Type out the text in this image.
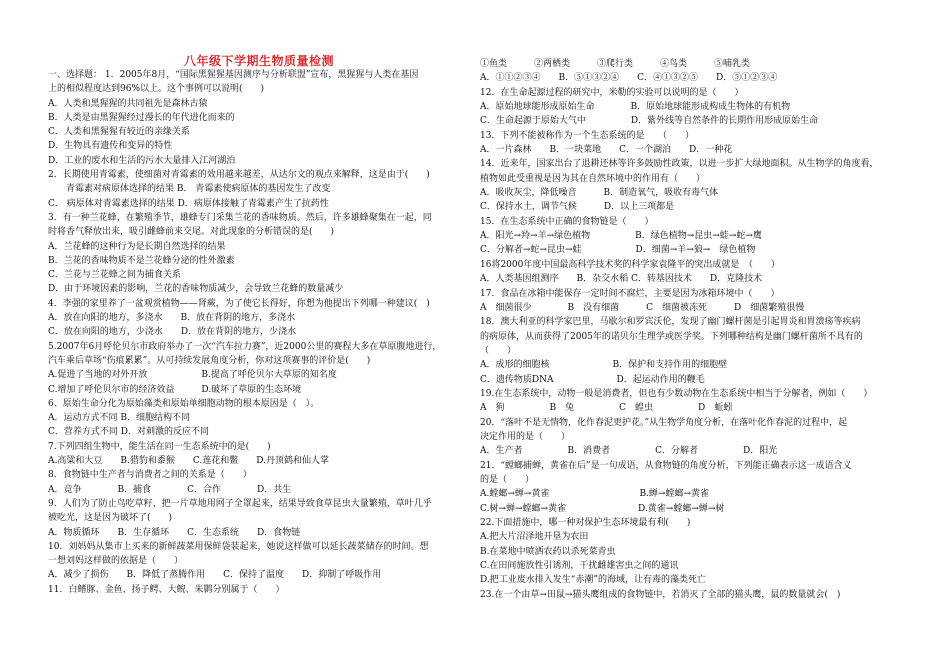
八年级下学期生物质量检测
一、选择题： 1．2005年8月，“国际黑猩猩基因测序与分析联盟”宣布，黑猩猩与人类在基因
上的相似程度达到96%以上。这个事例可以说明(　　)
A．人类和黑猩猩的共同祖先是森林古猿
B．人类是由黑猩猩经过漫长的年代进化而来的
C．人类和黑猩猩有较近的亲缘关系
D．生物具有遗传和变异的特性
D．工业的废水和生活的污水大量排入江河湖泊
2．长期使用青霉素，使细菌对青霉素的效用越来越差，从达尔文的观点来解释，这是由于(　　)
　　青霉素对病原体选择的结果 B． 青霉素使病原体的基因发生了改变
C． 病原体对青霉素选择的结果 D．病原体接触了青霉素产生了抗药性
3．有一种兰花蜂，在繁殖季节，雄蜂专门采集兰花的香味物质。然后，许多雄蜂聚集在一起，同
时将香气释放出来，吸引雌蜂前来交尾。对此现象的分析错误的是(　　)
A．兰花蜂的这种行为是长期自然选择的结果
B．兰花的香味物质不是兰花蜂分泌的性外激素
C．兰花与兰花蜂之间为捕食关系
D．由于环境因素的影响，兰花的香味物质减少，会导致兰花蜂的数量减少
4．李强的家里养了一盆观赏植物——肾蕨，为了使它长得好，你想为他提出下列哪一种建议(　)
A．放在向阳的地方，多浇水　　B．放在背阴的地方，多浇水
C．放在向阳的地方，少浇水　　D．放在背阴的地方，少浇水
5.2007年6月呼伦贝尔市政府举办了一次“汽车拉力赛”，近2000公里的赛程大多在草原腹地进行，
汽车乘后草场“伤痕累累”。从可持续发展角度分析，你对这项赛事的评价是(　　)
A.促进了当地的对外开放　　　　　　B.提高了呼伦贝尔大草原的知名度
C.增加了呼伦贝尔市的经济效益　　　D.破坏了草原的生态环境
6、原始生命分化为原始藻类和原始单细胞动物的根本原因是（　）。
A．运动方式不同 B．细胞结构不同
C．营养方式不同 D．对刺激的反应不同
7.下列四组生物中，能生活在同一生态系统中的是(　　)
A.高粱和大豆　　B.猎豹和黍猴　　C.莲花和鳖　　D.丹顶鹤和仙人掌
8．食物链中生产者与消费者之间的关系是（　　）
A．竞争　　　　B．捕食　　　　C．合作　　　　D．共生
9．人们为了防止鸟吃草籽，把一片草地用网子全罩起来，结果导致食草昆虫大量繁殖，草叶几乎
被吃光，这是因为破坏了(　　)
A．物质循环　　B．生存循环　　C．生态系统　　D．食物链
10．刘妈妈从集市上买来的新鲜蔬菜用保鲜袋装起来，她说这样做可以延长蔬菜储存的时间。想
一想刘妈这样做的依据是（　　）
A．减少了损伤　　B．降低了蒸腾作用　　C．保持了温度　　D．抑制了呼吸作用
11．白鳍豚、金鱼、扬子鳄、大鲵、朱鹮分别属于（　　）
①鱼类　　　②两栖类　　　③爬行类　　　④鸟类　　　⑤哺乳类
A．①①②③④　　B．⑤①③②④　　C．④①③②⑤　　D．⑤①②③④
12．在生命起源过程的研究中，米勒的实验可以说明的是（　　）
A．原始地球能形成原始生命　　　　B．原始地球能形成构成生物体的有机物
C．生命起源于原始大气中　　　　　D．紫外线等自然条件的长期作用形成原始生命
13．下列不能被称作为一个生态系统的是　　（　　）
A．一片森林　　B．一块菜地　　C．一个湖泊　　D．一种花
14．近来年，国家出台了退耕还林等许多鼓励性政策，以进一步扩大绿地面积。从生物学的角度看，
植物如此受重视是因为其在自然环境中的作用有（　　）
A．吸收灰尘，降低噪音　　　B．制造氧气，吸收有毒气体
C．保持水土，调节气候　　　D．以上三项都是
15．在生态系统中正确的食物链是（　　）
A．阳光→羚→羊→绿色植物　　　　　B．绿色植物→昆虫→蛙→蛇→鹰
C．分解者→蛇→昆虫→蛙　　　　　　D．细菌→羊→狼→　绿色植物
16将2000年度中国最高科学技术奖的科学家袁隆平的突出成就是　（　　）
A．人类基因组测序　　B．杂交水稻 C．转基因技术　　D．克隆技术
17．食品在冰箱中能保存一定时间不腐烂，主要是因为冰箱环境中（　　）
A　细菌很少　　　　B　没有细菌　　　C　细菌被冻死　　　D　细菌繁殖很慢
18．澳大利亚的科学家巴里，马歇尔和罗宾沃伦，发现了幽门螺杆菌是引起胃炎和胃溃疡等疾病
的病原体，从而获得了2005年的诺贝尔生理学或医学奖。下列哪种结构是幽门螺杆菌所不具有的
（　　）
A．成形的细胞核　　　　　　　B．保护和支持作用的细胞壁
C．遗传物质DNA　　　　　　　D．起运动作用的鞭毛
19.在生态系统中，动物一般是消费者，但也有少数动物在生态系统中相当于分解者，例如（　　）
A　狗　　　　　B　兔　　　　　C　蝗虫　　　　　D　蚯蚓
20．“落叶不是无情物，化作春泥更护花。”从生物学角度分析，在落叶化作春泥的过程中，起
决定作用的是（　　）
A．生产者　　　　　B．消费者　　　　　C．分解者　　　　　D．阳光
21．“螳螂捕蝉，黄雀在后”是一句成语，从食物链的角度分析，下列能正确表示这一成语含义
的是（　　）
A.螳螂→蝉→黄雀　　　　　　　　　　B.蝉→螳螂→黄雀
C.树→蝉→螳螂→黄雀　　　　　　　　D.黄雀→螳螂→蝉→树
22.下面措施中，哪一种对保护生态环境最有利(　　)
A.把大片沼泽地开垦为农田
B.在菜地中喷洒农药以杀死菜青虫
C.在田间施放性引诱剂，干扰雌雄害虫之间的通讯
D.把工业废水排入发生“赤潮”的海域，让有毒的藻类死亡
23.在一个由草→田鼠→猫头鹰组成的食物链中，若消灭了全部的猫头鹰，鼠的数量就会(　)
